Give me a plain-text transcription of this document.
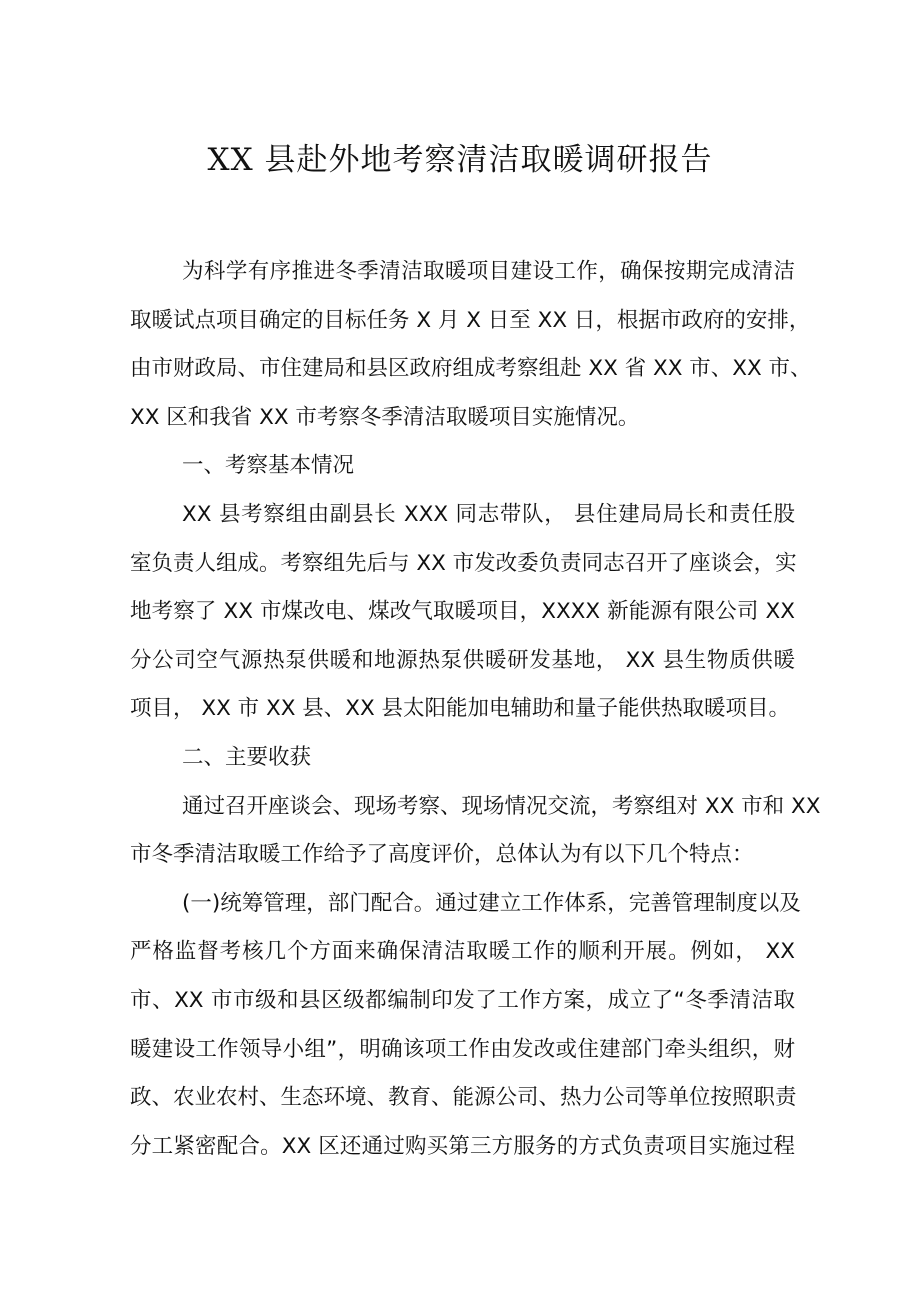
XX 县赴外地考察清洁取暖调研报告
为科学有序推进冬季清洁取暖项目建设工作，确保按期完成清洁
取暖试点项目确定的目标任务 X 月 X 日至 XX 日，根据市政府的安排，
由市财政局、市住建局和县区政府组成考察组赴 XX 省 XX 市、XX 市、
XX 区和我省 XX 市考察冬季清洁取暖项目实施情况。
一、考察基本情况
XX 县考察组由副县长 XXX 同志带队， 县住建局局长和责任股
室负责人组成。考察组先后与 XX 市发改委负责同志召开了座谈会，实
地考察了 XX 市煤改电、煤改气取暖项目，XXXX 新能源有限公司 XX
分公司空气源热泵供暖和地源热泵供暖研发基地， XX 县生物质供暖
项目， XX 市 XX 县、XX 县太阳能加电辅助和量子能供热取暖项目。
二、主要收获
通过召开座谈会、现场考察、现场情况交流，考察组对 XX 市和 XX
市冬季清洁取暖工作给予了高度评价，总体认为有以下几个特点：
(一)统筹管理，部门配合。通过建立工作体系，完善管理制度以及
严格监督考核几个方面来确保清洁取暖工作的顺利开展。例如， XX
市、XX 市市级和县区级都编制印发了工作方案，成立了“冬季清洁取
暖建设工作领导小组”，明确该项工作由发改或住建部门牵头组织，财
政、农业农村、生态环境、教育、能源公司、热力公司等单位按照职责
分工紧密配合。XX 区还通过购买第三方服务的方式负责项目实施过程
